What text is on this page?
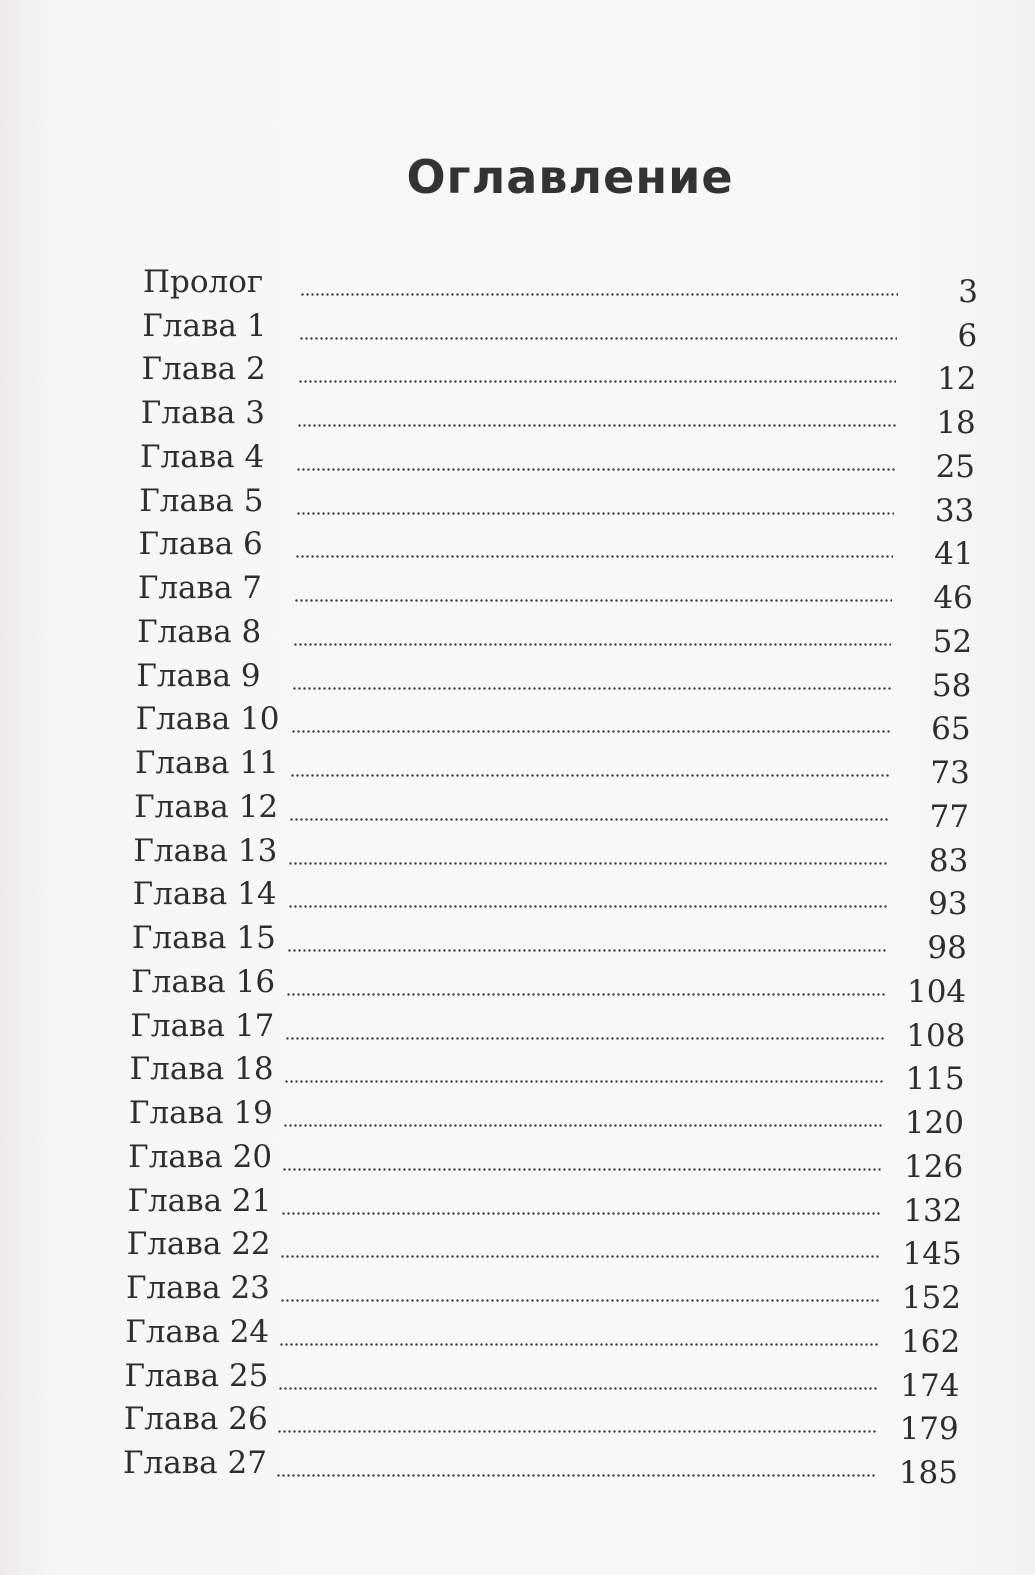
Оглавление
Пролог	3
Глава 1	6
Глава 2	12
Глава 3	18
Глава 4	25
Глава 5	33
Глава 6	41
Глава 7	46
Глава 8	52
Глава 9	58
Глава 10	65
Глава 11	73
Глава 12	77
Глава 13	83
Глава 14	93
Глава 15	98
Глава 16	104
Глава 17	108
Глава 18	115
Глава 19	120
Глава 20	126
Глава 21	132
Глава 22	145
Глава 23	152
Глава 24	162
Глава 25	174
Глава 26	179
Глава 27	185
